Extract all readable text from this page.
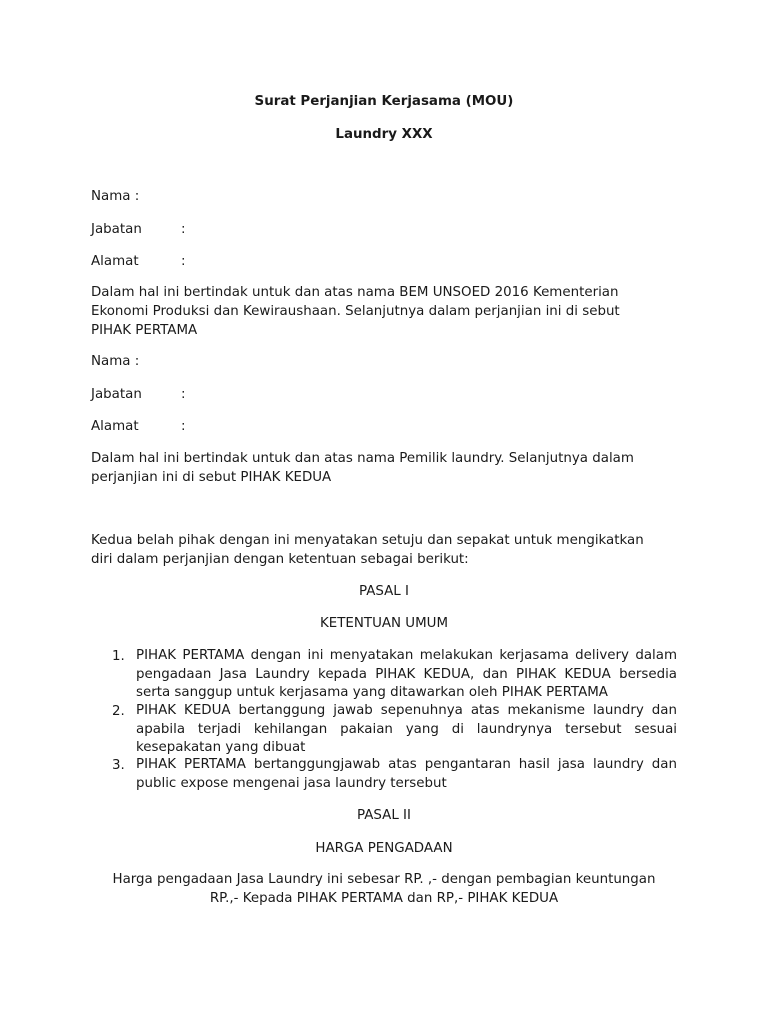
Surat Perjanjian Kerjasama (MOU)
Laundry XXX
Nama :
Jabatan	:
Alamat	:
Dalam hal ini bertindak untuk dan atas nama BEM UNSOED 2016 Kementerian
Ekonomi Produksi dan Kewiraushaan. Selanjutnya dalam perjanjian ini di sebut
PIHAK PERTAMA
Nama :
Jabatan	:
Alamat	:
Dalam hal ini bertindak untuk dan atas nama Pemilik laundry. Selanjutnya dalam
perjanjian ini di sebut PIHAK KEDUA
Kedua belah pihak dengan ini menyatakan setuju dan sepakat untuk mengikatkan
diri dalam perjanjian dengan ketentuan sebagai berikut:
PASAL I
KETENTUAN UMUM
1. PIHAK PERTAMA dengan ini menyatakan melakukan kerjasama delivery dalam
pengadaan Jasa Laundry kepada PIHAK KEDUA, dan PIHAK KEDUA bersedia
serta sanggup untuk kerjasama yang ditawarkan oleh PIHAK PERTAMA
2. PIHAK KEDUA bertanggung jawab sepenuhnya atas mekanisme laundry dan
apabila terjadi kehilangan pakaian yang di laundrynya tersebut sesuai
kesepakatan yang dibuat
3. PIHAK PERTAMA bertanggungjawab atas pengantaran hasil jasa laundry dan
public expose mengenai jasa laundry tersebut
PASAL II
HARGA PENGADAAN
Harga pengadaan Jasa Laundry ini sebesar RP. ,- dengan pembagian keuntungan
RP.,- Kepada PIHAK PERTAMA dan RP,- PIHAK KEDUA
